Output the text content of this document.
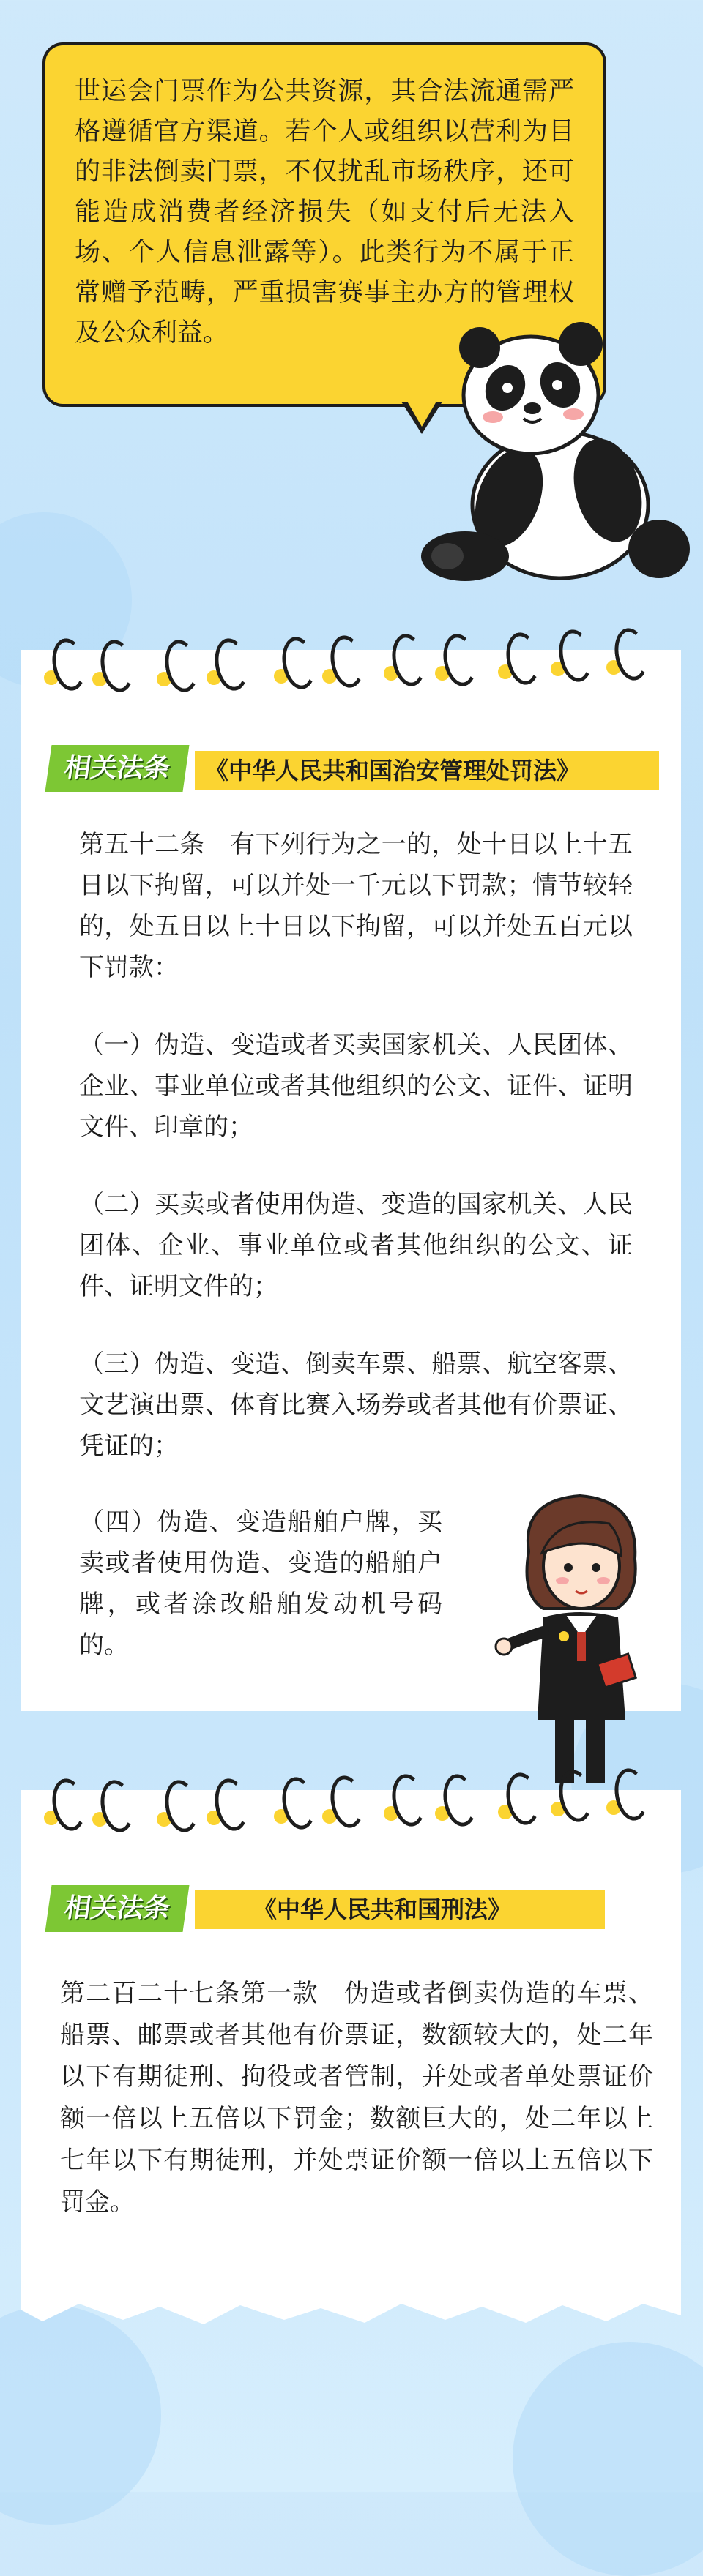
世运会门票作为公共资源，其合法流通需严格遵循官方渠道。若个人或组织以营利为目的非法倒卖门票，不仅扰乱市场秩序，还可能造成消费者经济损失（如支付后无法入场、个人信息泄露等）。此类行为不属于正常赠予范畴，严重损害赛事主办方的管理权及公众利益。

相关法条	《中华人民共和国治安管理处罚法》

第五十二条　有下列行为之一的，处十日以上十五日以下拘留，可以并处一千元以下罚款；情节较轻的，处五日以上十日以下拘留，可以并处五百元以下罚款：

（一）伪造、变造或者买卖国家机关、人民团体、企业、事业单位或者其他组织的公文、证件、证明文件、印章的；

（二）买卖或者使用伪造、变造的国家机关、人民团体、企业、事业单位或者其他组织的公文、证件、证明文件的；

（三）伪造、变造、倒卖车票、船票、航空客票、文艺演出票、体育比赛入场券或者其他有价票证、凭证的；

（四）伪造、变造船舶户牌，买卖或者使用伪造、变造的船舶户牌，或者涂改船舶发动机号码的。

相关法条	《中华人民共和国刑法》

第二百二十七条第一款　伪造或者倒卖伪造的车票、船票、邮票或者其他有价票证，数额较大的，处二年以下有期徒刑、拘役或者管制，并处或者单处票证价额一倍以上五倍以下罚金；数额巨大的，处二年以上七年以下有期徒刑，并处票证价额一倍以上五倍以下罚金。
